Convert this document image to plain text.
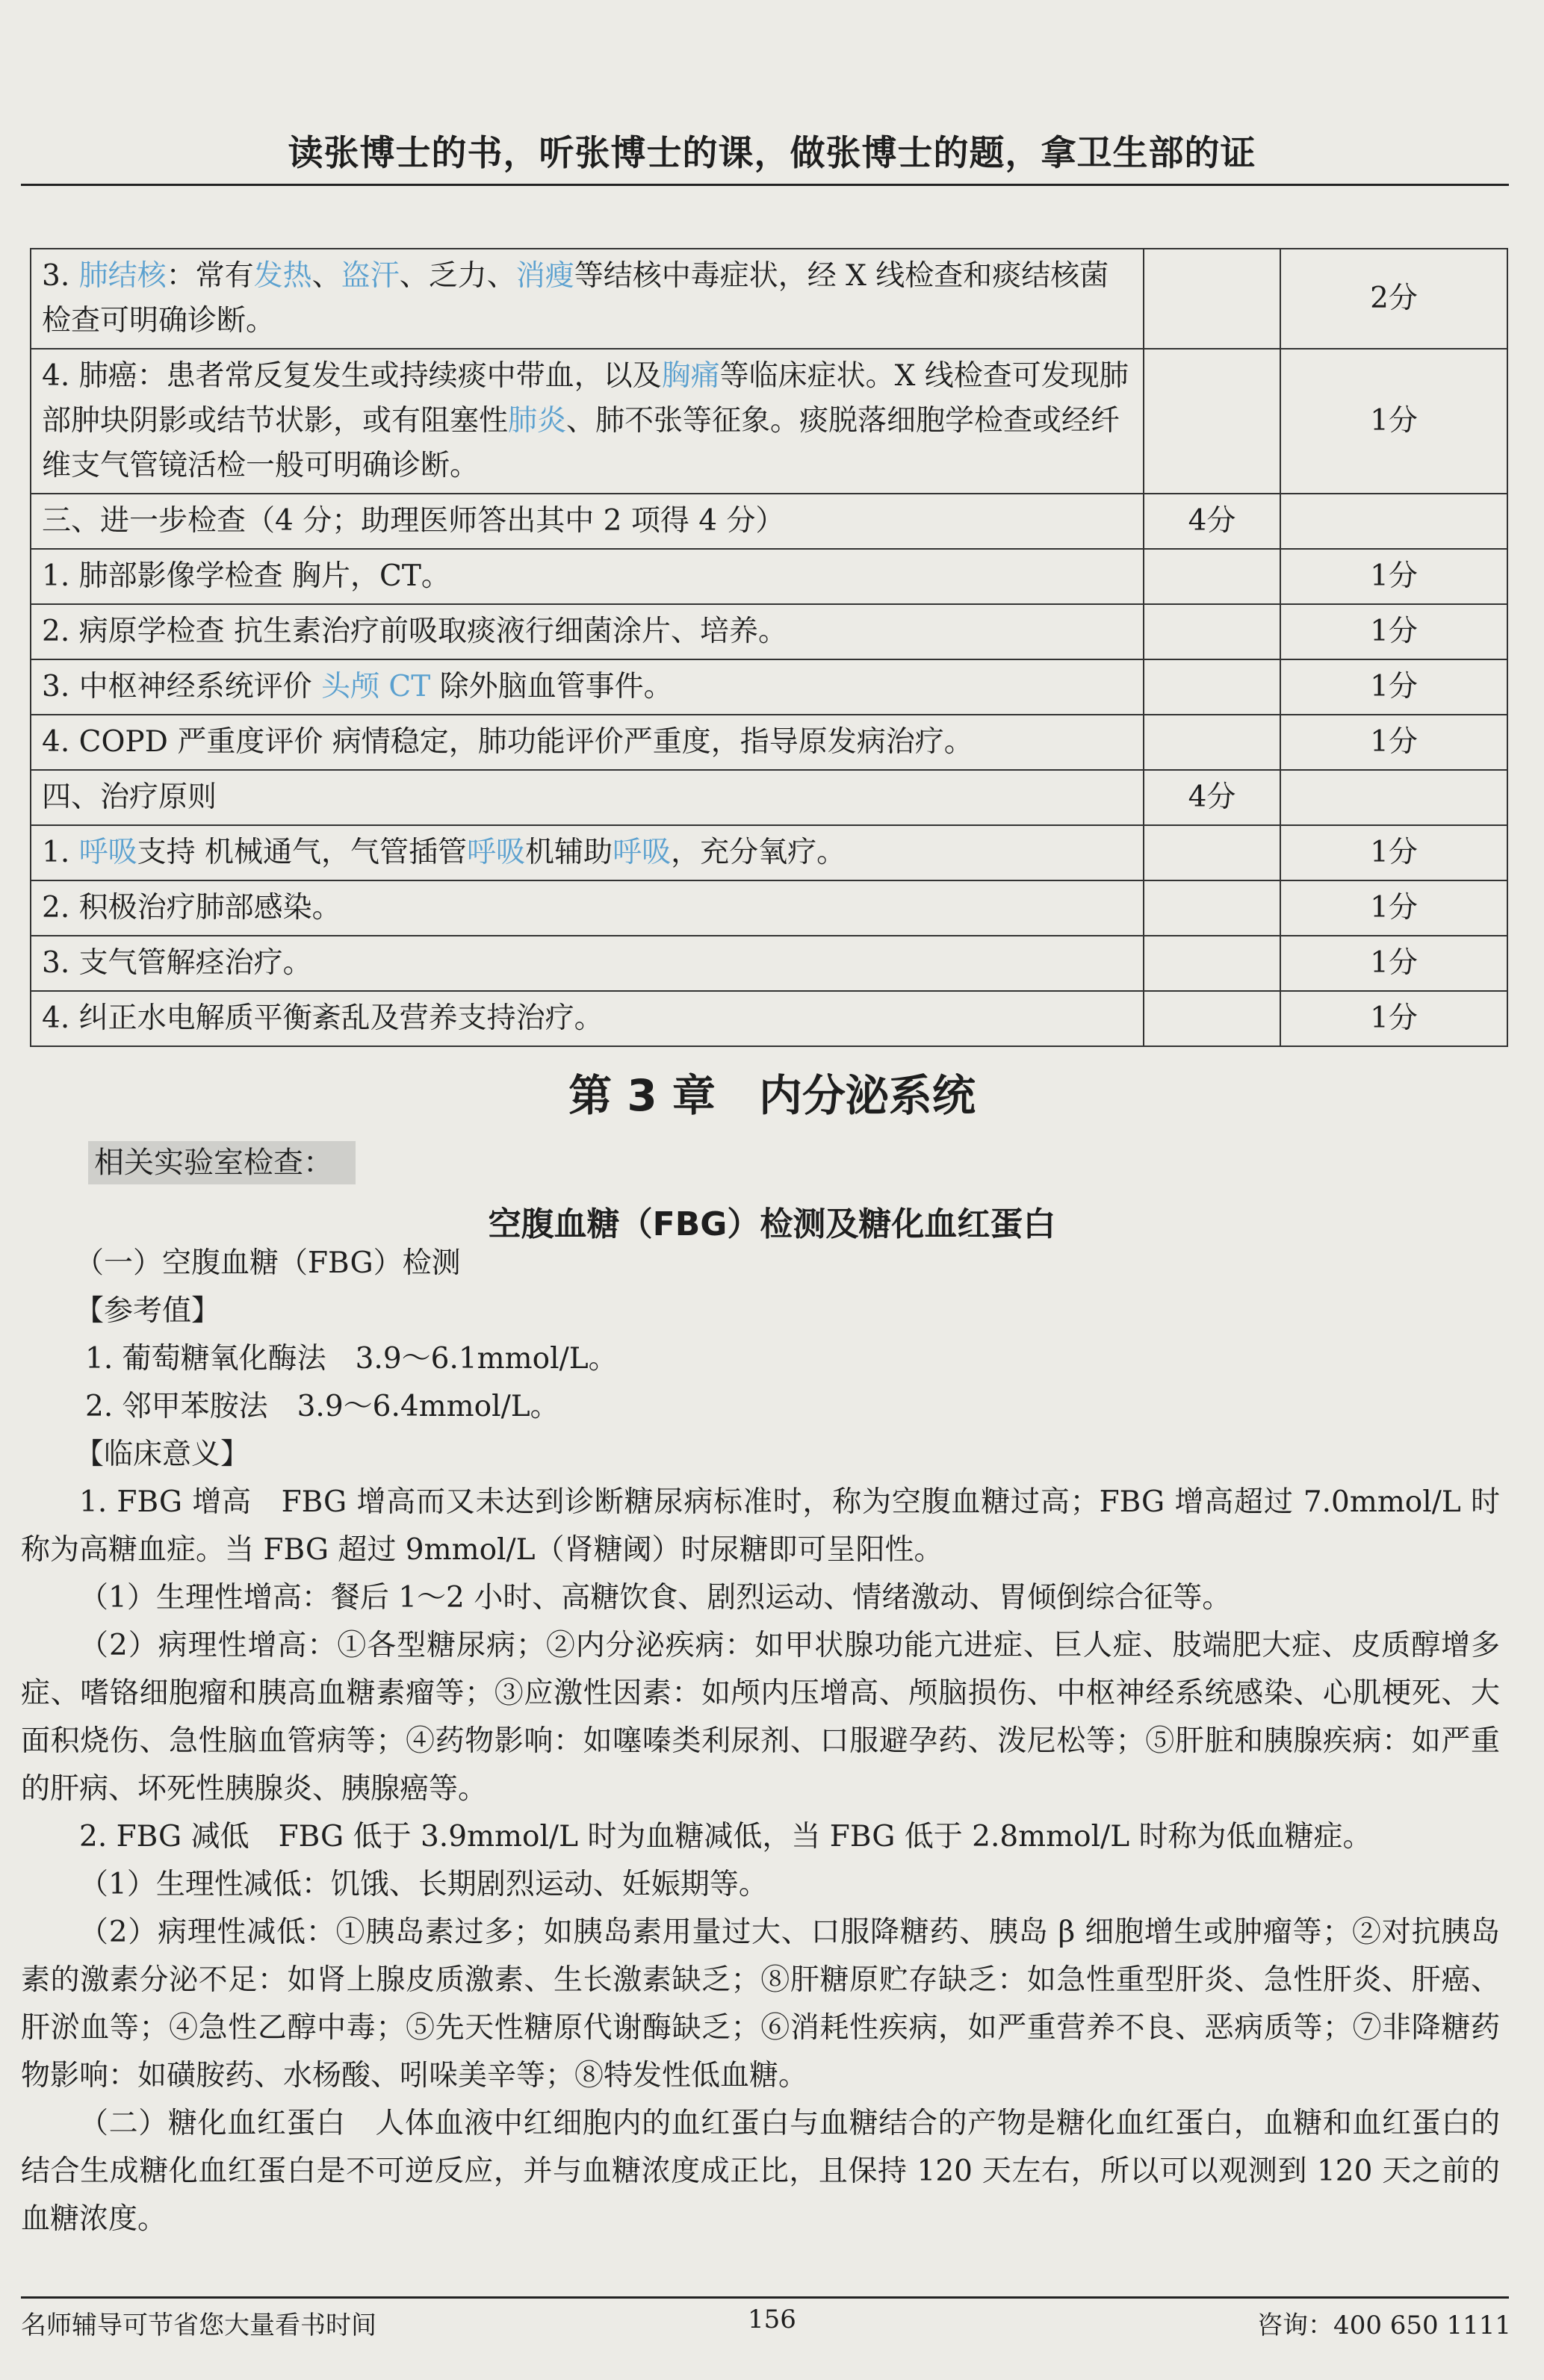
读张博士的书，听张博士的课，做张博士的题，拿卫生部的证
3. 肺结核：常有发热、盗汗、乏力、消瘦等结核中毒症状，经 X 线检查和痰结核菌检查可明确诊断。		2分
4. 肺癌：患者常反复发生或持续痰中带血，以及胸痛等临床症状。X 线检查可发现肺部肿块阴影或结节状影，或有阻塞性肺炎、肺不张等征象。痰脱落细胞学检查或经纤维支气管镜活检一般可明确诊断。		1分
三、进一步检查（4 分；助理医师答出其中 2 项得 4 分）	4分	
1. 肺部影像学检查 胸片，CT。		1分
2. 病原学检查 抗生素治疗前吸取痰液行细菌涂片、培养。		1分
3. 中枢神经系统评价 头颅 CT 除外脑血管事件。		1分
4. COPD 严重度评价 病情稳定，肺功能评价严重度，指导原发病治疗。		1分
四、治疗原则	4分	
1. 呼吸支持 机械通气，气管插管呼吸机辅助呼吸，充分氧疗。		1分
2. 积极治疗肺部感染。		1分
3. 支气管解痉治疗。		1分
4. 纠正水电解质平衡紊乱及营养支持治疗。		1分
第 3 章　内分泌系统
相关实验室检查：
空腹血糖（FBG）检测及糖化血红蛋白

（一）空腹血糖（FBG）检测

【参考值】

1. 葡萄糖氧化酶法　3.9～6.1mmol/L。

2. 邻甲苯胺法　3.9～6.4mmol/L。

【临床意义】

1. FBG 增高　FBG 增高而又未达到诊断糖尿病标准时，称为空腹血糖过高；FBG 增高超过 7.0mmol/L 时称为高糖血症。当 FBG 超过 9mmol/L（肾糖阈）时尿糖即可呈阳性。

（1）生理性增高：餐后 1～2 小时、高糖饮食、剧烈运动、情绪激动、胃倾倒综合征等。

（2）病理性增高：①各型糖尿病；②内分泌疾病：如甲状腺功能亢进症、巨人症、肢端肥大症、皮质醇增多症、嗜铬细胞瘤和胰高血糖素瘤等；③应激性因素：如颅内压增高、颅脑损伤、中枢神经系统感染、心肌梗死、大面积烧伤、急性脑血管病等；④药物影响：如噻嗪类利尿剂、口服避孕药、泼尼松等；⑤肝脏和胰腺疾病：如严重的肝病、坏死性胰腺炎、胰腺癌等。

2. FBG 减低　FBG 低于 3.9mmol/L 时为血糖减低，当 FBG 低于 2.8mmol/L 时称为低血糖症。

（1）生理性减低：饥饿、长期剧烈运动、妊娠期等。

（2）病理性减低：①胰岛素过多；如胰岛素用量过大、口服降糖药、胰岛 β 细胞增生或肿瘤等；②对抗胰岛素的激素分泌不足：如肾上腺皮质激素、生长激素缺乏；⑧肝糖原贮存缺乏：如急性重型肝炎、急性肝炎、肝癌、肝淤血等；④急性乙醇中毒；⑤先天性糖原代谢酶缺乏；⑥消耗性疾病，如严重营养不良、恶病质等；⑦非降糖药物影响：如磺胺药、水杨酸、吲哚美辛等；⑧特发性低血糖。

（二）糖化血红蛋白　人体血液中红细胞内的血红蛋白与血糖结合的产物是糖化血红蛋白，血糖和血红蛋白的结合生成糖化血红蛋白是不可逆反应，并与血糖浓度成正比，且保持 120 天左右，所以可以观测到 120 天之前的血糖浓度。

名师辅导可节省您大量看书时间	156	咨询：400 650 1111
